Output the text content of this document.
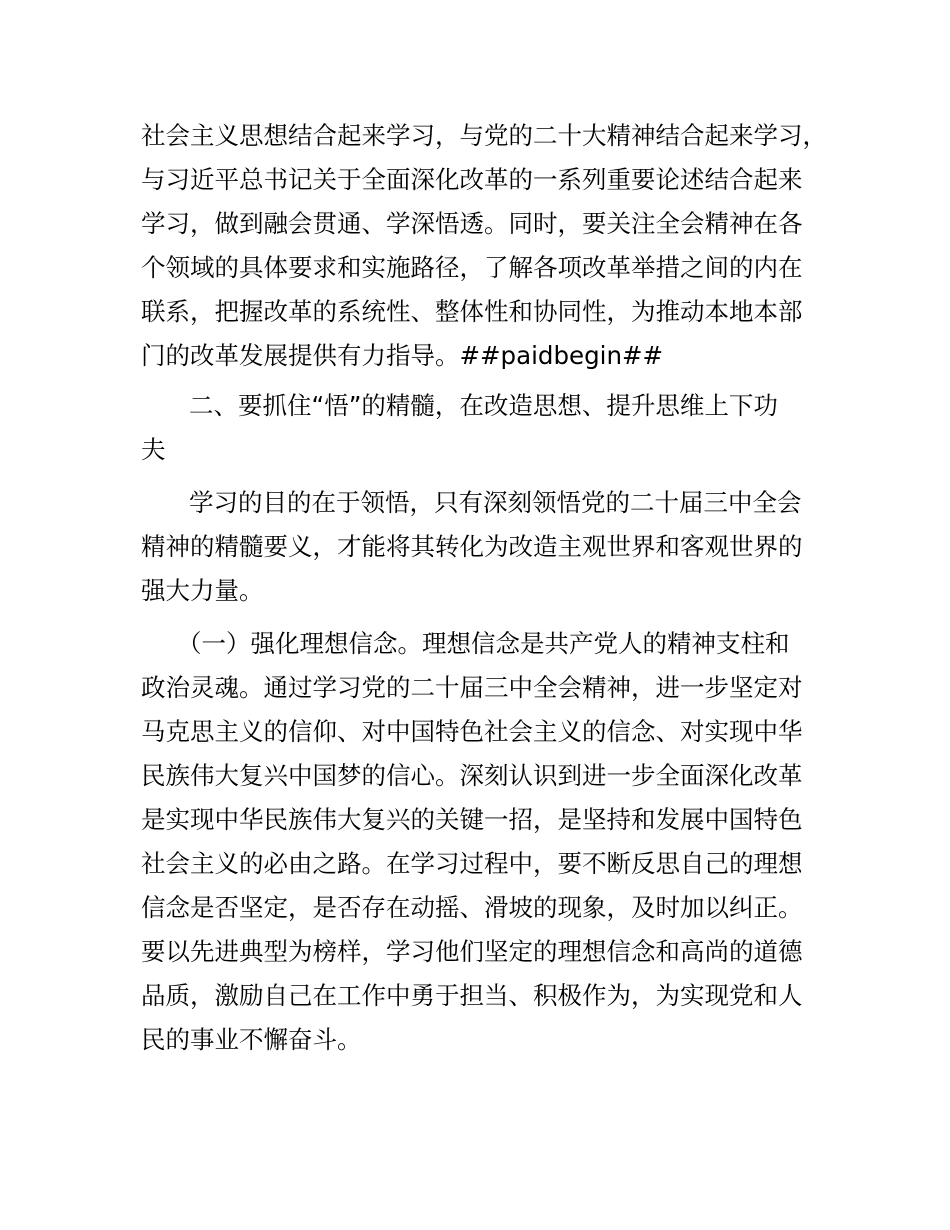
社会主义思想结合起来学习，与党的二十大精神结合起来学习，

与习近平总书记关于全面深化改革的一系列重要论述结合起来

学习，做到融会贯通、学深悟透。同时，要关注全会精神在各

个领域的具体要求和实施路径，了解各项改革举措之间的内在

联系，把握改革的系统性、整体性和协同性，为推动本地本部

门的改革发展提供有力指导。##paidbegin##

二、要抓住“悟”的精髓，在改造思想、提升思维上下功

夫

学习的目的在于领悟，只有深刻领悟党的二十届三中全会

精神的精髓要义，才能将其转化为改造主观世界和客观世界的

强大力量。

（一）强化理想信念。理想信念是共产党人的精神支柱和

政治灵魂。通过学习党的二十届三中全会精神，进一步坚定对

马克思主义的信仰、对中国特色社会主义的信念、对实现中华

民族伟大复兴中国梦的信心。深刻认识到进一步全面深化改革

是实现中华民族伟大复兴的关键一招，是坚持和发展中国特色

社会主义的必由之路。在学习过程中，要不断反思自己的理想

信念是否坚定，是否存在动摇、滑坡的现象，及时加以纠正。

要以先进典型为榜样，学习他们坚定的理想信念和高尚的道德

品质，激励自己在工作中勇于担当、积极作为，为实现党和人

民的事业不懈奋斗。
